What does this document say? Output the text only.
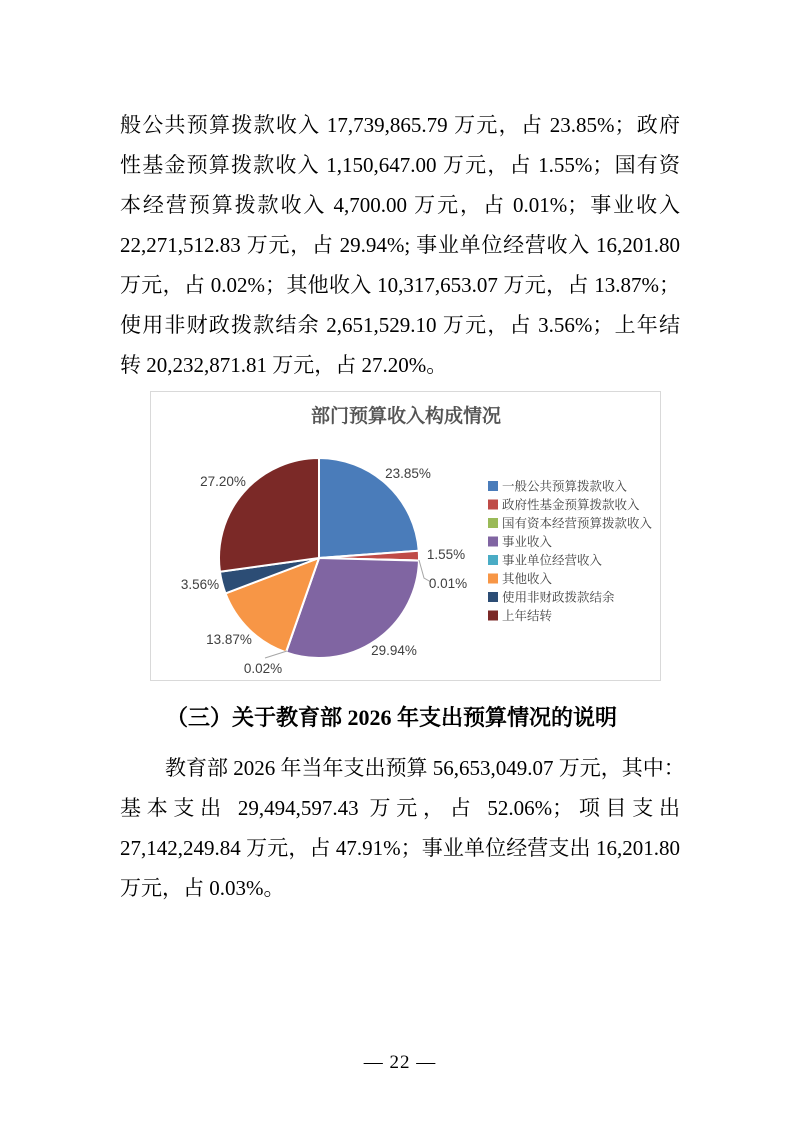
般公共预算拨款收入 17,739,865.79 万元，占 23.85%；政府
性基金预算拨款收入 1,150,647.00 万元，占 1.55%；国有资
本经营预算拨款收入 4,700.00 万元，占 0.01%；事业收入
22,271,512.83 万元，占 29.94%; 事业单位经营收入 16,201.80
万元，占 0.02%；其他收入 10,317,653.07 万元，占 13.87%；
使用非财政拨款结余 2,651,529.10 万元，占 3.56%；上年结
转 20,232,871.81 万元，占 27.20%。
23.85%
1.55%
0.01%
29.94%
0.02%
13.87%
3.56%
27.20%
部门预算收入构成情况
一般公共预算拨款收入
政府性基金预算拨款收入
国有资本经营预算拨款收入
事业收入
事业单位经营收入
其他收入
使用非财政拨款结余
上年结转
（三）关于教育部 2026 年支出预算情况的说明
教育部 2026 年当年支出预算 56,653,049.07 万元，其中：
基本支出 29,494,597.43 万元，占 52.06%；项目支出
27,142,249.84 万元，占 47.91%；事业单位经营支出 16,201.80
万元，占 0.03%。
— 22 —
